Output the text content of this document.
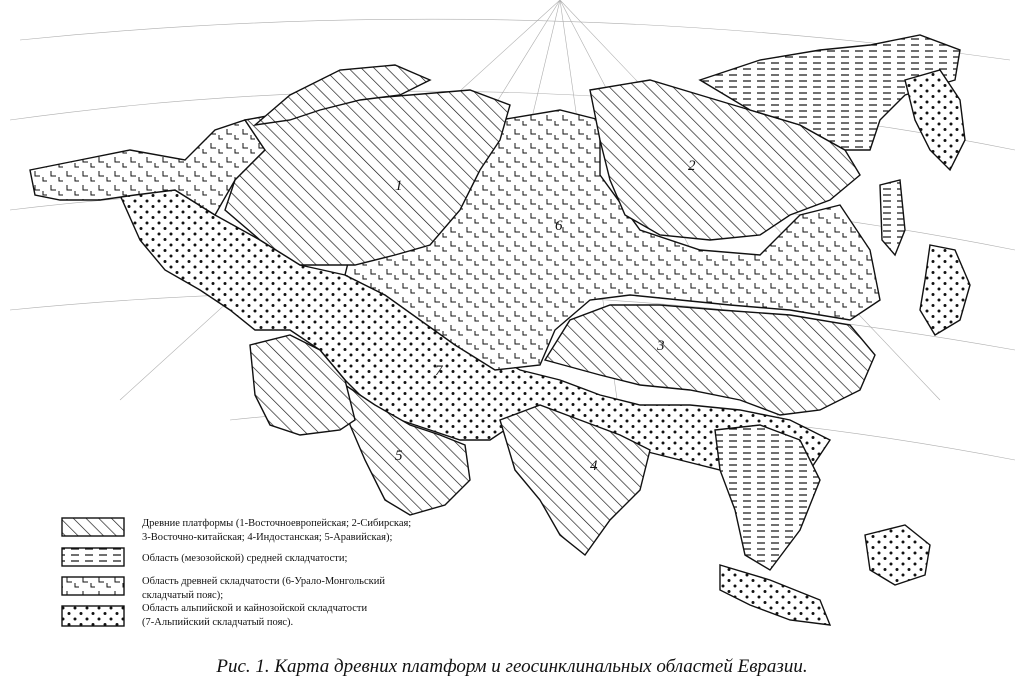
Древние платформы (1-Восточноевропейская; 2-Сибирская;
3-Восточно-китайская; 4-Индостанская; 5-Аравийская);
Область (мезозойской) средней складчатости;
Область древней складчатости (6-Урало-Монгольский
складчатый пояс);
Область альпийской и кайнозойской складчатости
(7-Альпийский складчатый пояс).
1
2
3
4
5
6
7
Рис. 1. Карта древних платформ и геосинклинальных областей Евразии.
